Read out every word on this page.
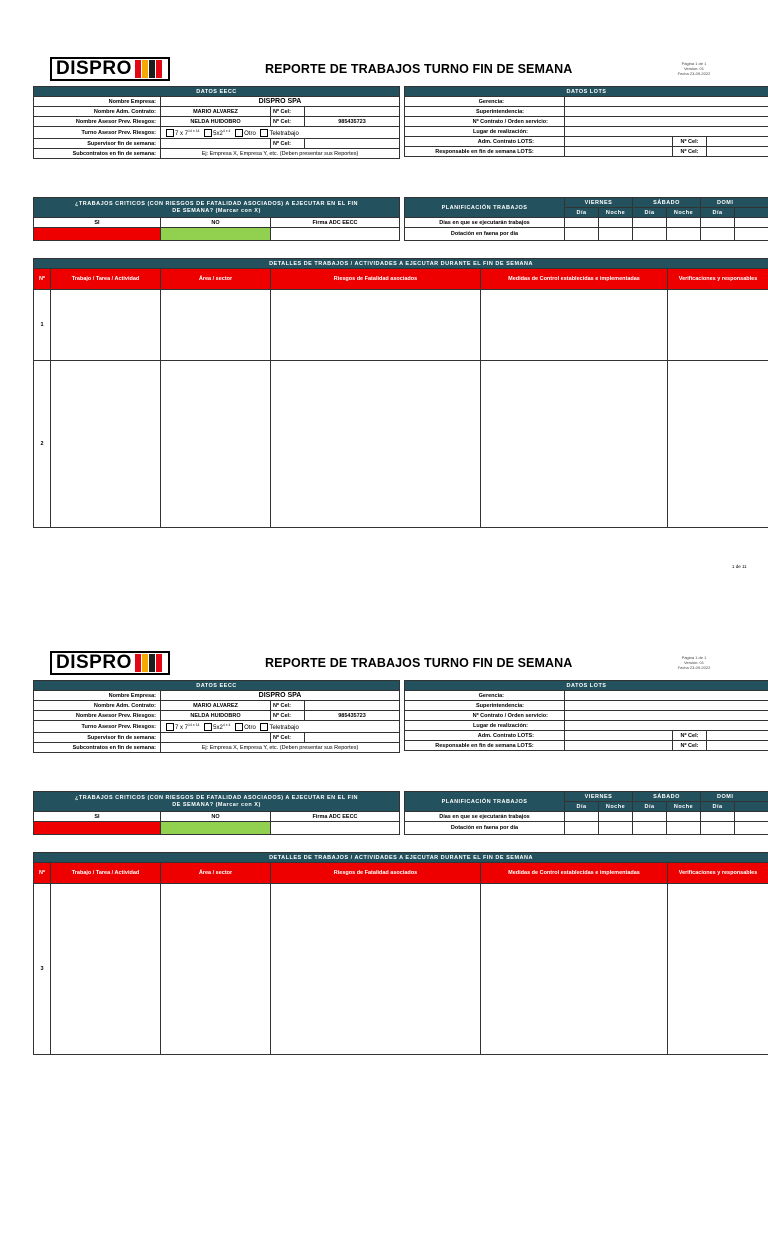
DISPRO	REPORTE DE TRABAJOS TURNO FIN DE SEMANA	Página 1 de 1
Versión: 01
Fecha 23-09-2022
DATOS EECC			
Nombre Empresa:	DISPRO SPA		
Nombre Adm. Contrato:	MARIO ALVAREZ	Nº Cel:	
Nombre Asesor Prev. Riesgos:	NELDA HUIDOBRO	Nº Cel:	985435723
Turno Asesor Prev. Riesgos:	7 x $7^{14 x 14}$ $5x2^{4 x 4}$ Otro Teletrabajo		
Supervisor fin de semana:		Nº Cel:	
Subcontratos en fin de semana:	Ej: Empresa X, Empresa Y, etc. (Deben presentar sus Reportes)		
DATOS LOTS			
Gerencia:			
Superintendencia:			
Nº Contrato / Orden servicio:			
Lugar de realización:			
Adm. Contrato LOTS:		Nº Cel:	
Responsable en fin de semana LOTS:		Nº Cel:	
¿TRABAJOS CRITICOS (CON RIESGOS DE FATALIDAD ASOCIADOS) A EJECUTAR EN EL FIN DE SEMANA? (Marcar con X)		
SI	NO	Firma ADC EECC

PLANIFICACIÓN TRABAJOS	VIERNES		SÁBADO		DOMI	
	Día	Noche	Día	Noche	Día	
Días en que se ejecutarán trabajos						
Dotación en faena por día						
DETALLES DE TRABAJOS / ACTIVIDADES A EJECUTAR DURANTE EL FIN DE SEMANA					
Nº	Trabajo / Tarea / Actividad	Área / sector	Riesgos de Fatalidad asociados	Medidas de Control establecidas e implementadas	Verificaciones y responsables
1					
2					
1 de 11
DISPRO	REPORTE DE TRABAJOS TURNO FIN DE SEMANA	Página 1 de 1
Versión: 01
Fecha 23-09-2022
DATOS EECC			
Nombre Empresa:	DISPRO SPA		
Nombre Adm. Contrato:	MARIO ALVAREZ	Nº Cel:	
Nombre Asesor Prev. Riesgos:	NELDA HUIDOBRO	Nº Cel:	985435723
Turno Asesor Prev. Riesgos:	7 x $7^{14 x 14}$ $5x2^{4 x 4}$ Otro Teletrabajo		
Supervisor fin de semana:		Nº Cel:	
Subcontratos en fin de semana:	Ej: Empresa X, Empresa Y, etc. (Deben presentar sus Reportes)		
DATOS LOTS			
Gerencia:			
Superintendencia:			
Nº Contrato / Orden servicio:			
Lugar de realización:			
Adm. Contrato LOTS:		Nº Cel:	
Responsable en fin de semana LOTS:		Nº Cel:	
¿TRABAJOS CRITICOS (CON RIESGOS DE FATALIDAD ASOCIADOS) A EJECUTAR EN EL FIN DE SEMANA? (Marcar con X)		
SI	NO	Firma ADC EECC

PLANIFICACIÓN TRABAJOS	VIERNES		SÁBADO		DOMI	
	Día	Noche	Día	Noche	Día	
Días en que se ejecutarán trabajos						
Dotación en faena por día						
DETALLES DE TRABAJOS / ACTIVIDADES A EJECUTAR DURANTE EL FIN DE SEMANA					
Nº	Trabajo / Tarea / Actividad	Área / sector	Riesgos de Fatalidad asociados	Medidas de Control establecidas e implementadas	Verificaciones y responsables
3					
